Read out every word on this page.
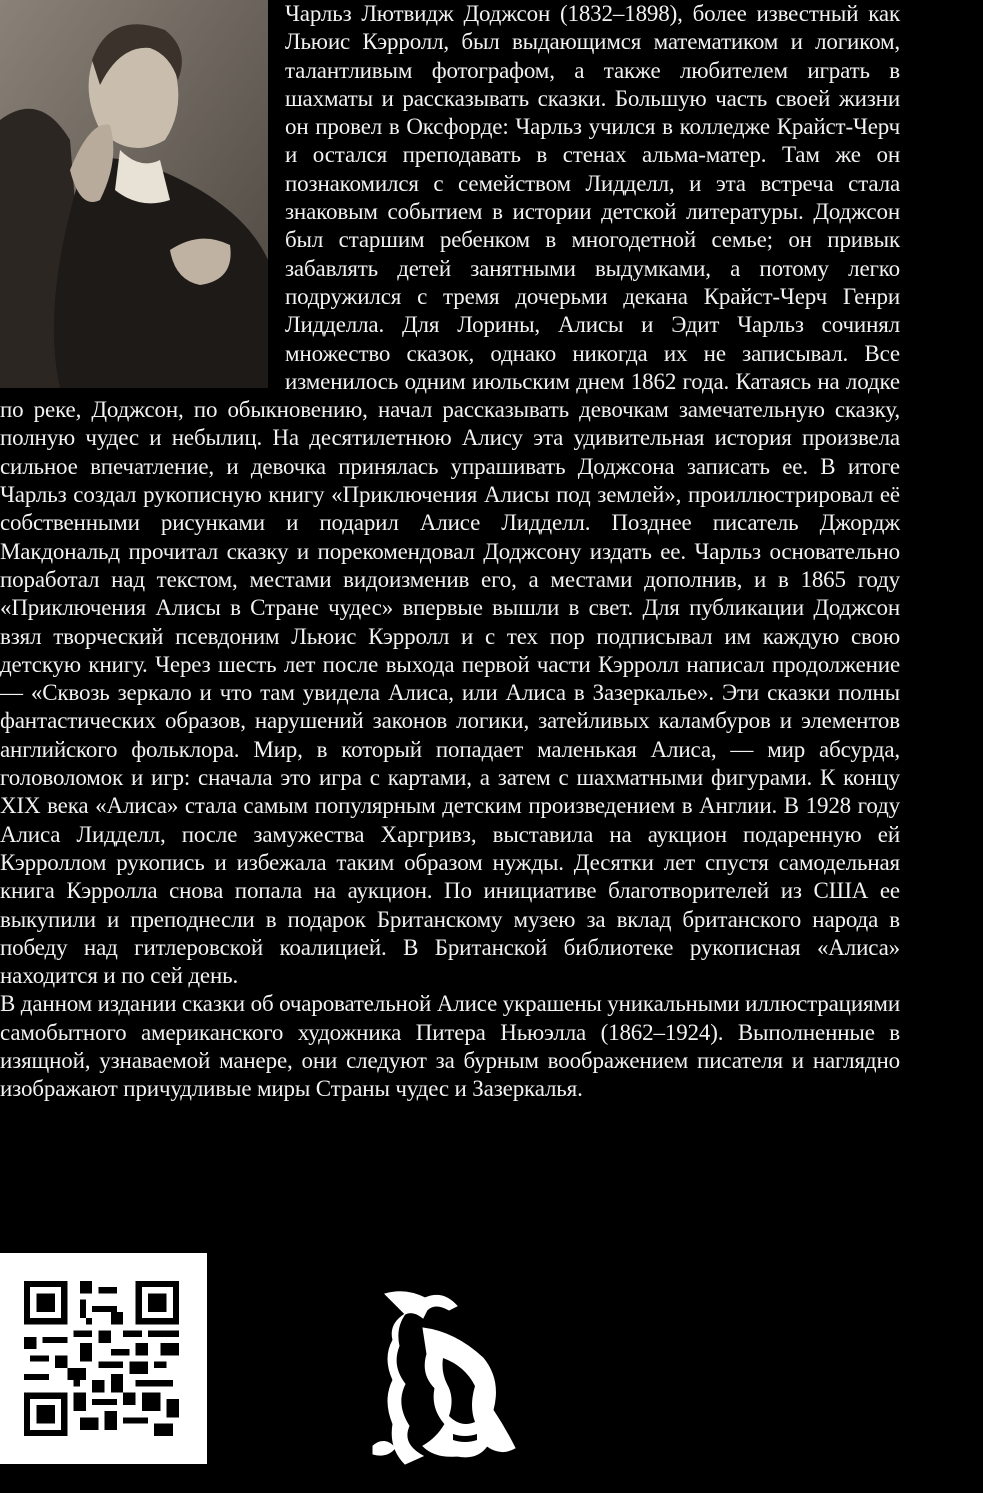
Чарльз Лютвидж Доджсон (1832–1898), более известный как Льюис Кэрролл, был выдающимся математиком и логиком, талантливым фотографом, а также любителем играть в шахматы и рассказывать сказки. Большую часть своей жизни он провел в Оксфорде: Чарльз учился в колледже Крайст-Черч и остался преподавать в стенах альма-матер. Там же он познакомился с семейством Лидделл, и эта встреча стала знаковым событием в истории детской литературы. Доджсон был старшим ребенком в многодетной семье; он привык забавлять детей занятными выдумками, а потому легко подружился с тремя дочерьми декана Крайст-Черч Генри Лидделла. Для Лорины, Алисы и Эдит Чарльз сочинял множество сказок, однако никогда их не записывал. Все изменилось одним июльским днем 1862 года. Катаясь на лодке по реке, Доджсон, по обыкновению, начал рассказывать девочкам замечательную сказку, полную чудес и небылиц. На десятилетнюю Алису эта удивительная история произвела сильное впечатление, и девочка принялась упрашивать Доджсона записать ее. В итоге Чарльз создал рукописную книгу «Приключения Алисы под землей», проиллюстрировал её собственными рисунками и подарил Алисе Лидделл. Позднее писатель Джордж Макдональд прочитал сказку и порекомендовал Доджсону издать ее. Чарльз основательно поработал над текстом, местами видоизменив его, а местами дополнив, и в 1865 году «Приключения Алисы в Стране чудес» впервые вышли в свет. Для публикации Доджсон взял творческий псевдоним Льюис Кэрролл и с тех пор подписывал им каждую свою детскую книгу. Через шесть лет после выхода первой части Кэрролл написал продолжение — «Сквозь зеркало и что там увидела Алиса, или Алиса в Зазеркалье». Эти сказки полны фантастических образов, нарушений законов логики, затейливых каламбуров и элементов английского фольклора. Мир, в который попадает маленькая Алиса, — мир абсурда, головоломок и игр: сначала это игра с картами, а затем с шахматными фигурами. К концу XIX века «Алиса» стала самым популярным детским произведением в Англии. В 1928 году Алиса Лидделл, после замужества Харгривз, выставила на аукцион подаренную ей Кэрроллом рукопись и избежала таким образом нужды. Десятки лет спустя самодельная книга Кэрролла снова попала на аукцион. По инициативе благотворителей из США ее выкупили и преподнесли в подарок Британскому музею за вклад британского народа в победу над гитлеровской коалицией. В Британской библиотеке рукописная «Алиса» находится и по сей день.

В данном издании сказки об очаровательной Алисе украшены уникальными иллюстрациями самобытного американского художника Питера Ньюэлла (1862–1924). Выполненные в изящной, узнаваемой манере, они следуют за бурным воображением писателя и наглядно изображают причудливые миры Страны чудес и Зазеркалья.
